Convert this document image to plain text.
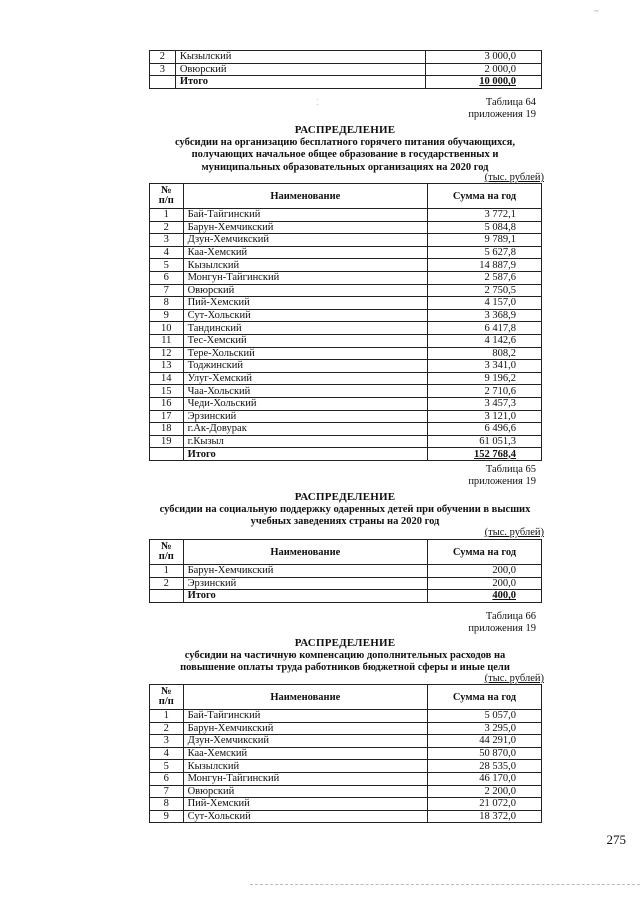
~
2	Кызылский	3 000,0
3	Овюрский	2 000,0
	Итого	10 000,0
Таблица 64
приложения 19
⁚
РАСПРЕДЕЛЕНИЕ
субсидии на организацию бесплатного горячего питания обучающихся,
получающих начальное общее образование в государственных и
муниципальных образовательных организациях на 2020 год
(тыс. рублей)
№
п/п	Наименование	Сумма на год
1	Бай-Тайгинский	3 772,1
2	Барун-Хемчикский	5 084,8
3	Дзун-Хемчикский	9 789,1
4	Каа-Хемский	5 627,8
5	Кызылский	14 887,9
6	Монгун-Тайгинский	2 587,6
7	Овюрский	2 750,5
8	Пий-Хемский	4 157,0
9	Сут-Хольский	3 368,9
10	Тандинский	6 417,8
11	Тес-Хемский	4 142,6
12	Тере-Хольский	808,2
13	Тоджинский	3 341,0
14	Улуг-Хемский	9 196,2
15	Чаа-Хольский	2 710,6
16	Чеди-Хольский	3 457,3
17	Эрзинский	3 121,0
18	г.Ак-Довурак	6 496,6
19	г.Кызыл	61 051,3
	Итого	152 768,4
Таблица 65
приложения 19
РАСПРЕДЕЛЕНИЕ
субсидии на социальную поддержку одаренных детей при обучении в высших
учебных заведениях страны на 2020 год
(тыс. рублей)
№
п/п	Наименование	Сумма на год
1	Барун-Хемчикский	200,0
2	Эрзинский	200,0
	Итого	400,0
Таблица 66
приложения 19
РАСПРЕДЕЛЕНИЕ
субсидии на частичную компенсацию дополнительных расходов на
повышение оплаты труда работников бюджетной сферы и иные цели
(тыс. рублей)
№
п/п	Наименование	Сумма на год
1	Бай-Тайгинский	5 057,0
2	Барун-Хемчикский	3 295,0
3	Дзун-Хемчикский	44 291,0
4	Каа-Хемский	50 870,0
5	Кызылский	28 535,0
6	Монгун-Тайгинский	46 170,0
7	Овюрский	2 200,0
8	Пий-Хемский	21 072,0
9	Сут-Хольский	18 372,0
275
